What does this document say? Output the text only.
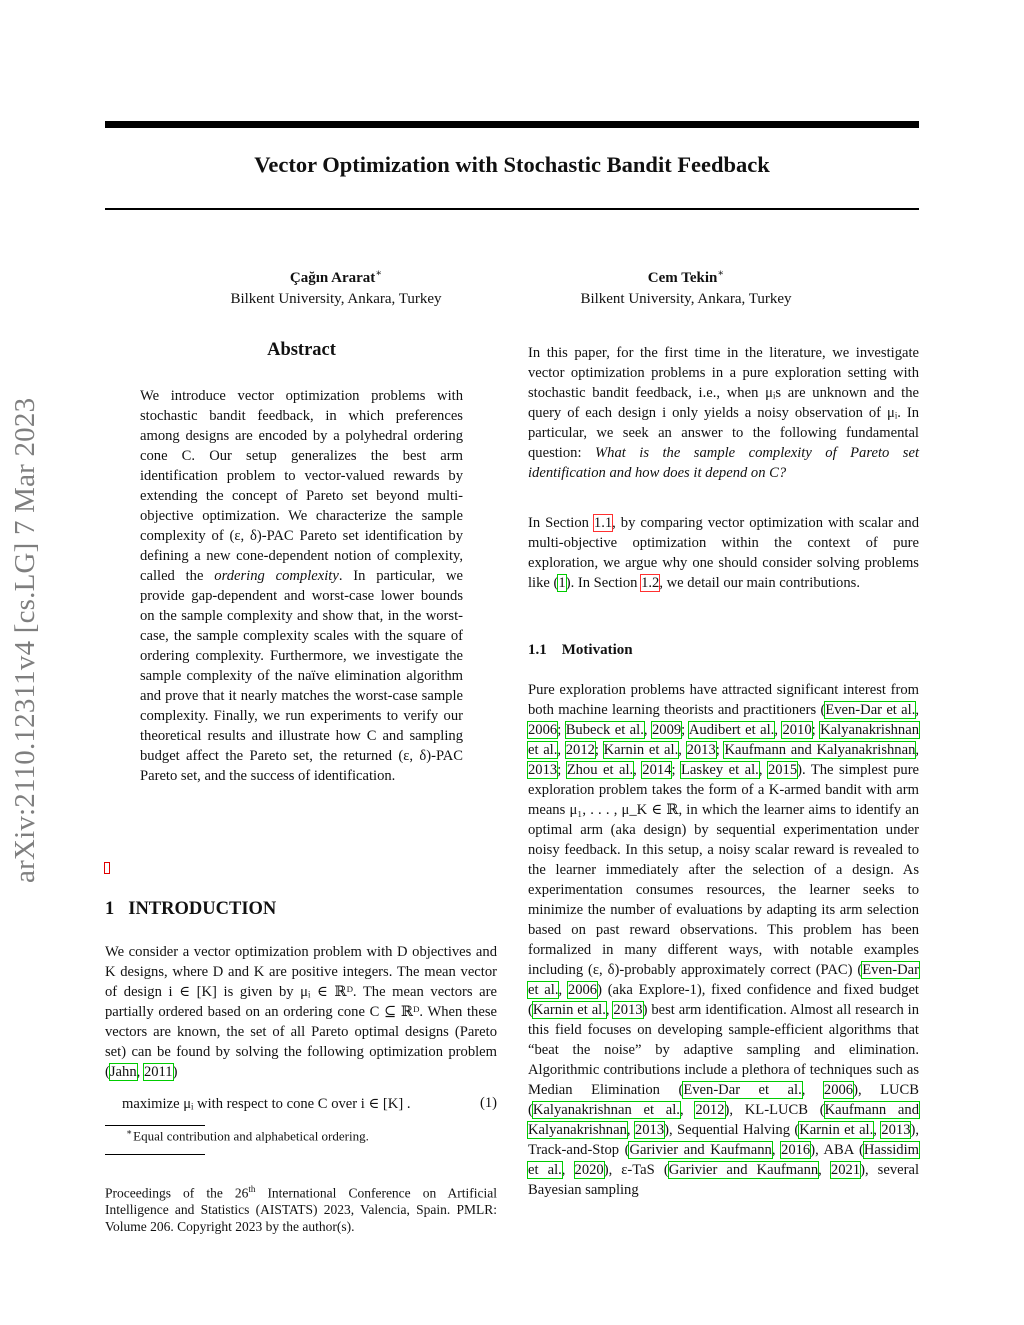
Vector Optimization with Stochastic Bandit Feedback
Çağın Ararat∗
Bilkent University, Ankara, Turkey
Cem Tekin∗
Bilkent University, Ankara, Turkey
arXiv:2110.12311v4 [cs.LG] 7 Mar 2023
Abstract

We introduce vector optimization problems with stochastic bandit feedback, in which preferences among designs are encoded by a polyhedral ordering cone C. Our setup generalizes the best arm identification problem to vector-valued rewards by extending the concept of Pareto set beyond multi-objective optimization. We characterize the sample complexity of (ε, δ)-PAC Pareto set identification by defining a new cone-dependent notion of complexity, called the ordering complexity. In particular, we provide gap-dependent and worst-case lower bounds on the sample complexity and show that, in the worst-case, the sample complexity scales with the square of ordering complexity. Furthermore, we investigate the sample complexity of the naïve elimination algorithm and prove that it nearly matches the worst-case sample complexity. Finally, we run experiments to verify our theoretical results and illustrate how C and sampling budget affect the Pareto set, the returned (ε, δ)-PAC Pareto set, and the success of identification.

1 INTRODUCTION

We consider a vector optimization problem with D objectives and K designs, where D and K are positive integers. The mean vector of design i ∈ [K] is given by μᵢ ∈ ℝᴰ. The mean vectors are partially ordered based on an ordering cone C ⊆ ℝᴰ. When these vectors are known, the set of all Pareto optimal designs (Pareto set) can be found by solving the following optimization problem (Jahn, 2011)

maximize μᵢ with respect to cone C over i ∈ [K] .	(1)
∗Equal contribution and alphabetical ordering.

Proceedings of the 26th International Conference on Artificial Intelligence and Statistics (AISTATS) 2023, Valencia, Spain. PMLR: Volume 206. Copyright 2023 by the author(s).

In this paper, for the first time in the literature, we investigate vector optimization problems in a pure exploration setting with stochastic bandit feedback, i.e., when μᵢs are unknown and the query of each design i only yields a noisy observation of μᵢ. In particular, we seek an answer to the following fundamental question: What is the sample complexity of Pareto set identification and how does it depend on C?

In Section 1.1, by comparing vector optimization with scalar and multi-objective optimization within the context of pure exploration, we argue why one should consider solving problems like (1). In Section 1.2, we detail our main contributions.

1.1 Motivation

Pure exploration problems have attracted significant interest from both machine learning theorists and practitioners (Even-Dar et al., 2006; Bubeck et al., 2009; Audibert et al., 2010; Kalyanakrishnan et al., 2012; Karnin et al., 2013; Kaufmann and Kalyanakrishnan, 2013; Zhou et al., 2014; Laskey et al., 2015). The simplest pure exploration problem takes the form of a K-armed bandit with arm means μ₁, . . . , μ_K ∈ ℝ, in which the learner aims to identify an optimal arm (aka design) by sequential experimentation under noisy feedback. In this setup, a noisy scalar reward is revealed to the learner immediately after the selection of a design. As experimentation consumes resources, the learner seeks to minimize the number of evaluations by adapting its arm selection based on past reward observations. This problem has been formalized in many different ways, with notable examples including (ε, δ)-probably approximately correct (PAC) (Even-Dar et al., 2006) (aka Explore-1), fixed confidence and fixed budget (Karnin et al., 2013) best arm identification. Almost all research in this field focuses on developing sample-efficient algorithms that “beat the noise” by adaptive sampling and elimination. Algorithmic contributions include a plethora of techniques such as Median Elimination (Even-Dar et al., 2006), LUCB (Kalyanakrishnan et al., 2012), KL-LUCB (Kaufmann and Kalyanakrishnan, 2013), Sequential Halving (Karnin et al., 2013), Track-and-Stop (Garivier and Kaufmann, 2016), ABA (Hassidim et al., 2020), ε-TaS (Garivier and Kaufmann, 2021), several Bayesian sampling
